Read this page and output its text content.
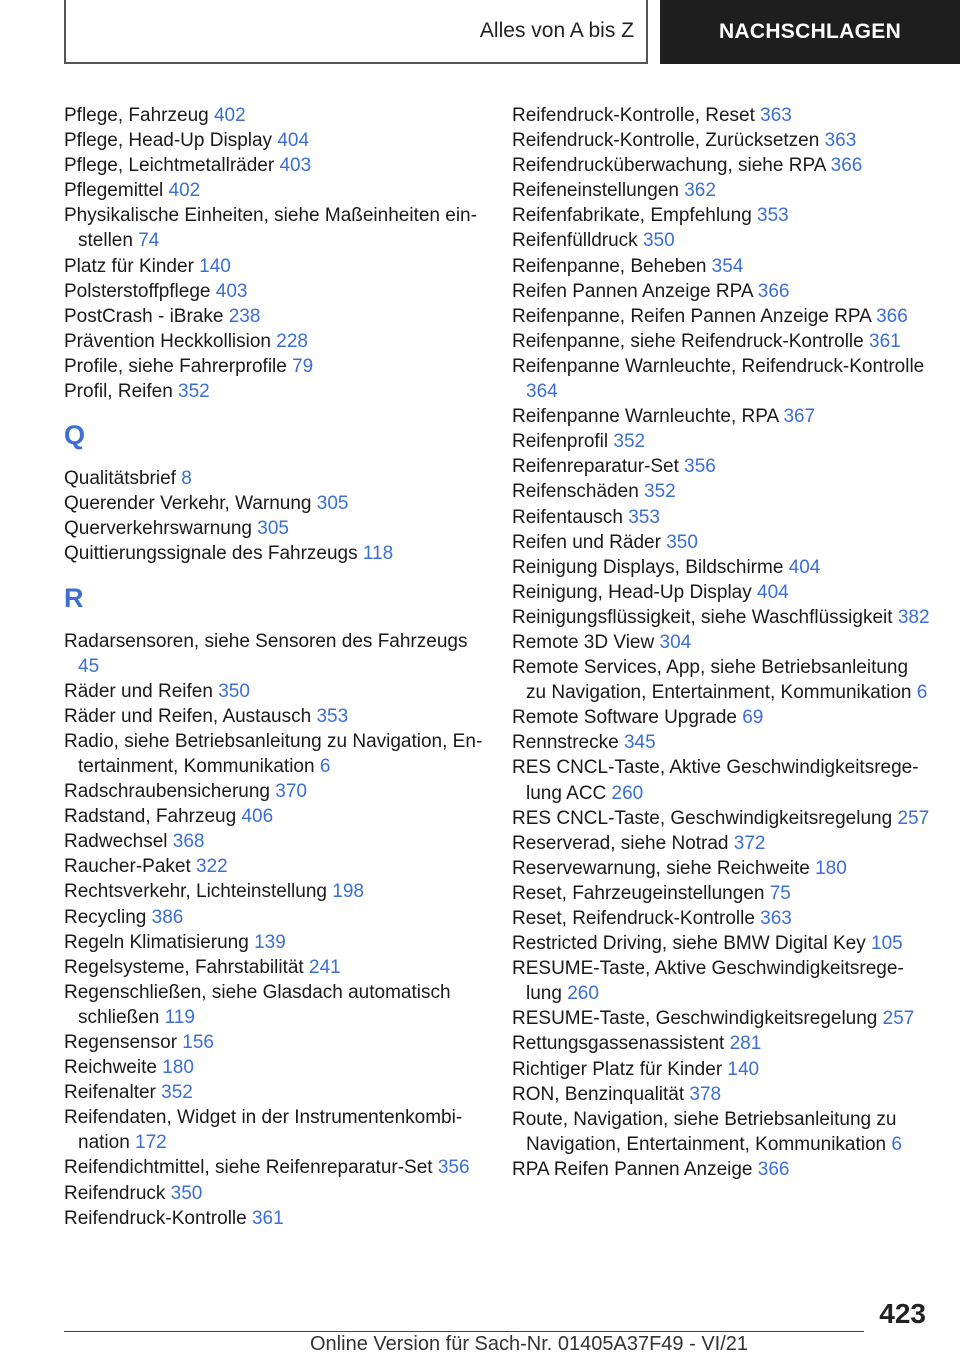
Alles von A bis Z	NACHSCHLAGEN
Pflege, Fahrzeug 402
Pflege, Head-Up Display 404
Pflege, Leichtmetallräder 403
Pflegemittel 402
Physikalische Einheiten, siehe Maßeinheiten einstellen 74
Platz für Kinder 140
Polsterstoffpflege 403
PostCrash - iBrake 238
Prävention Heckkollision 228
Profile, siehe Fahrerprofile 79
Profil, Reifen 352
Q
Qualitätsbrief 8
Querender Verkehr, Warnung 305
Querverkehrswarnung 305
Quittierungssignale des Fahrzeugs 118
R
Radarsensoren, siehe Sensoren des Fahrzeugs 45
Räder und Reifen 350
Räder und Reifen, Austausch 353
Radio, siehe Betriebsanleitung zu Navigation, Entertainment, Kommunikation 6
Radschraubensicherung 370
Radstand, Fahrzeug 406
Radwechsel 368
Raucher-Paket 322
Rechtsverkehr, Lichteinstellung 198
Recycling 386
Regeln Klimatisierung 139
Regelsysteme, Fahrstabilität 241
Regenschließen, siehe Glasdach automatisch schließen 119
Regensensor 156
Reichweite 180
Reifenalter 352
Reifendaten, Widget in der Instrumentenkombination 172
Reifendichtmittel, siehe Reifenreparatur-Set 356
Reifendruck 350
Reifendruck-Kontrolle 361
Reifendruck-Kontrolle, Reset 363
Reifendruck-Kontrolle, Zurücksetzen 363
Reifendrucküberwachung, siehe RPA 366
Reifeneinstellungen 362
Reifenfabrikate, Empfehlung 353
Reifenfülldruck 350
Reifenpanne, Beheben 354
Reifen Pannen Anzeige RPA 366
Reifenpanne, Reifen Pannen Anzeige RPA 366
Reifenpanne, siehe Reifendruck-Kontrolle 361
Reifenpanne Warnleuchte, Reifendruck-Kontrolle 364
Reifenpanne Warnleuchte, RPA 367
Reifenprofil 352
Reifenreparatur-Set 356
Reifenschäden 352
Reifentausch 353
Reifen und Räder 350
Reinigung Displays, Bildschirme 404
Reinigung, Head-Up Display 404
Reinigungsflüssigkeit, siehe Waschflüssigkeit 382
Remote 3D View 304
Remote Services, App, siehe Betriebsanleitung zu Navigation, Entertainment, Kommunikation 6
Remote Software Upgrade 69
Rennstrecke 345
RES CNCL-Taste, Aktive Geschwindigkeitsregelung ACC 260
RES CNCL-Taste, Geschwindigkeitsregelung 257
Reserverad, siehe Notrad 372
Reservewarnung, siehe Reichweite 180
Reset, Fahrzeugeinstellungen 75
Reset, Reifendruck-Kontrolle 363
Restricted Driving, siehe BMW Digital Key 105
RESUME-Taste, Aktive Geschwindigkeitsregelung 260
RESUME-Taste, Geschwindigkeitsregelung 257
Rettungsgassenassistent 281
Richtiger Platz für Kinder 140
RON, Benzinqualität 378
Route, Navigation, siehe Betriebsanleitung zu Navigation, Entertainment, Kommunikation 6
RPA Reifen Pannen Anzeige 366
423
Online Version für Sach-Nr. 01405A37F49 - VI/21
